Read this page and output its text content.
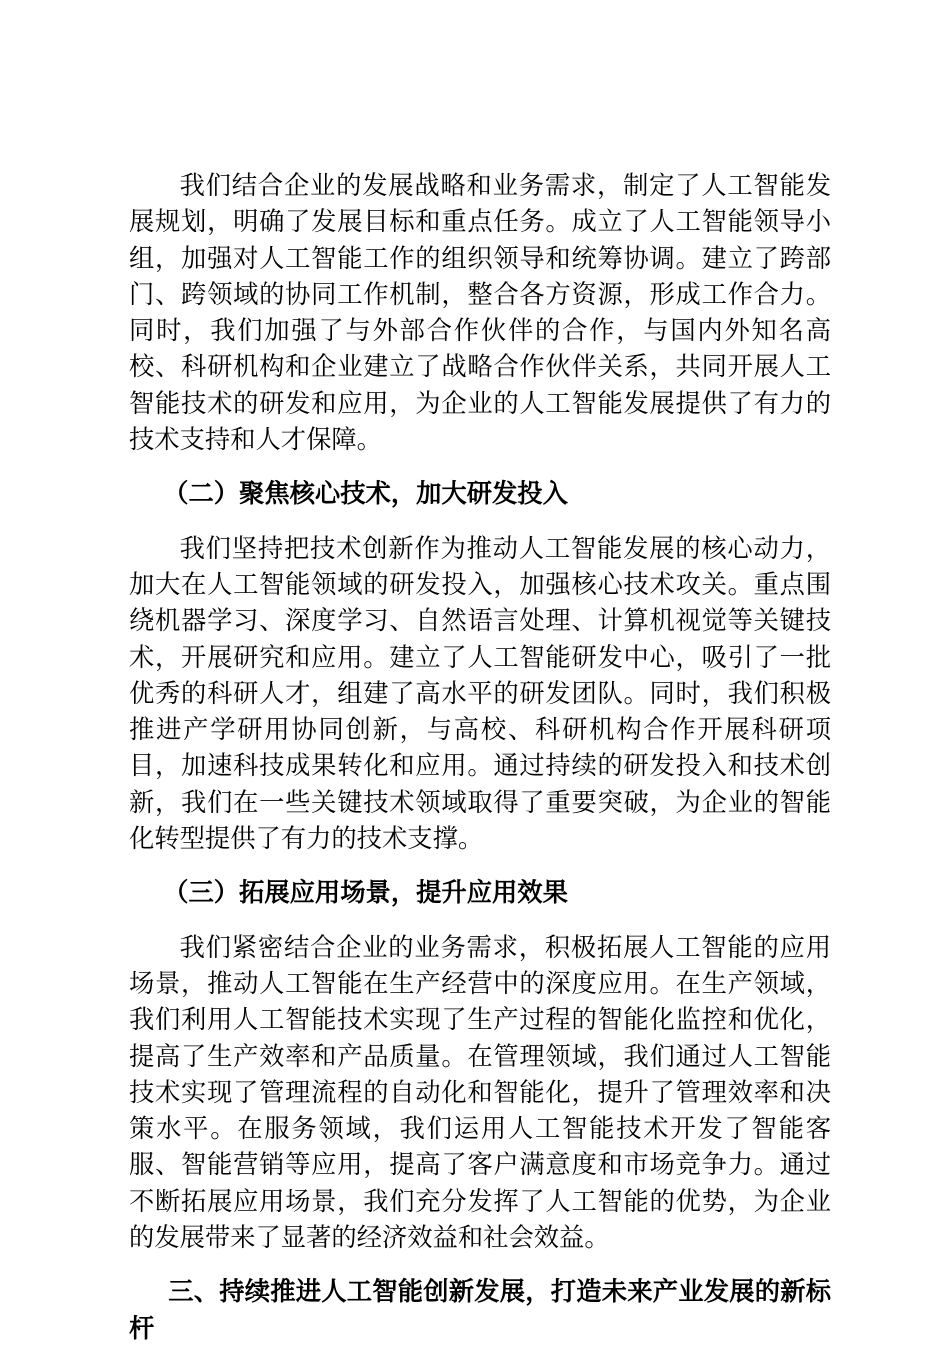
我们结合企业的发展战略和业务需求，制定了人工智能发展规划，明确了发展目标和重点任务。成立了人工智能领导小组，加强对人工智能工作的组织领导和统筹协调。建立了跨部门、跨领域的协同工作机制，整合各方资源，形成工作合力。同时，我们加强了与外部合作伙伴的合作，与国内外知名高校、科研机构和企业建立了战略合作伙伴关系，共同开展人工智能技术的研发和应用，为企业的人工智能发展提供了有力的技术支持和人才保障。

（二）聚焦核心技术，加大研发投入

我们坚持把技术创新作为推动人工智能发展的核心动力，加大在人工智能领域的研发投入，加强核心技术攻关。重点围绕机器学习、深度学习、自然语言处理、计算机视觉等关键技术，开展研究和应用。建立了人工智能研发中心，吸引了一批优秀的科研人才，组建了高水平的研发团队。同时，我们积极推进产学研用协同创新，与高校、科研机构合作开展科研项目，加速科技成果转化和应用。通过持续的研发投入和技术创新，我们在一些关键技术领域取得了重要突破，为企业的智能化转型提供了有力的技术支撑。

（三）拓展应用场景，提升应用效果

我们紧密结合企业的业务需求，积极拓展人工智能的应用场景，推动人工智能在生产经营中的深度应用。在生产领域，我们利用人工智能技术实现了生产过程的智能化监控和优化，提高了生产效率和产品质量。在管理领域，我们通过人工智能技术实现了管理流程的自动化和智能化，提升了管理效率和决策水平。在服务领域，我们运用人工智能技术开发了智能客服、智能营销等应用，提高了客户满意度和市场竞争力。通过不断拓展应用场景，我们充分发挥了人工智能的优势，为企业的发展带来了显著的经济效益和社会效益。

三、持续推进人工智能创新发展，打造未来产业发展的新标杆
